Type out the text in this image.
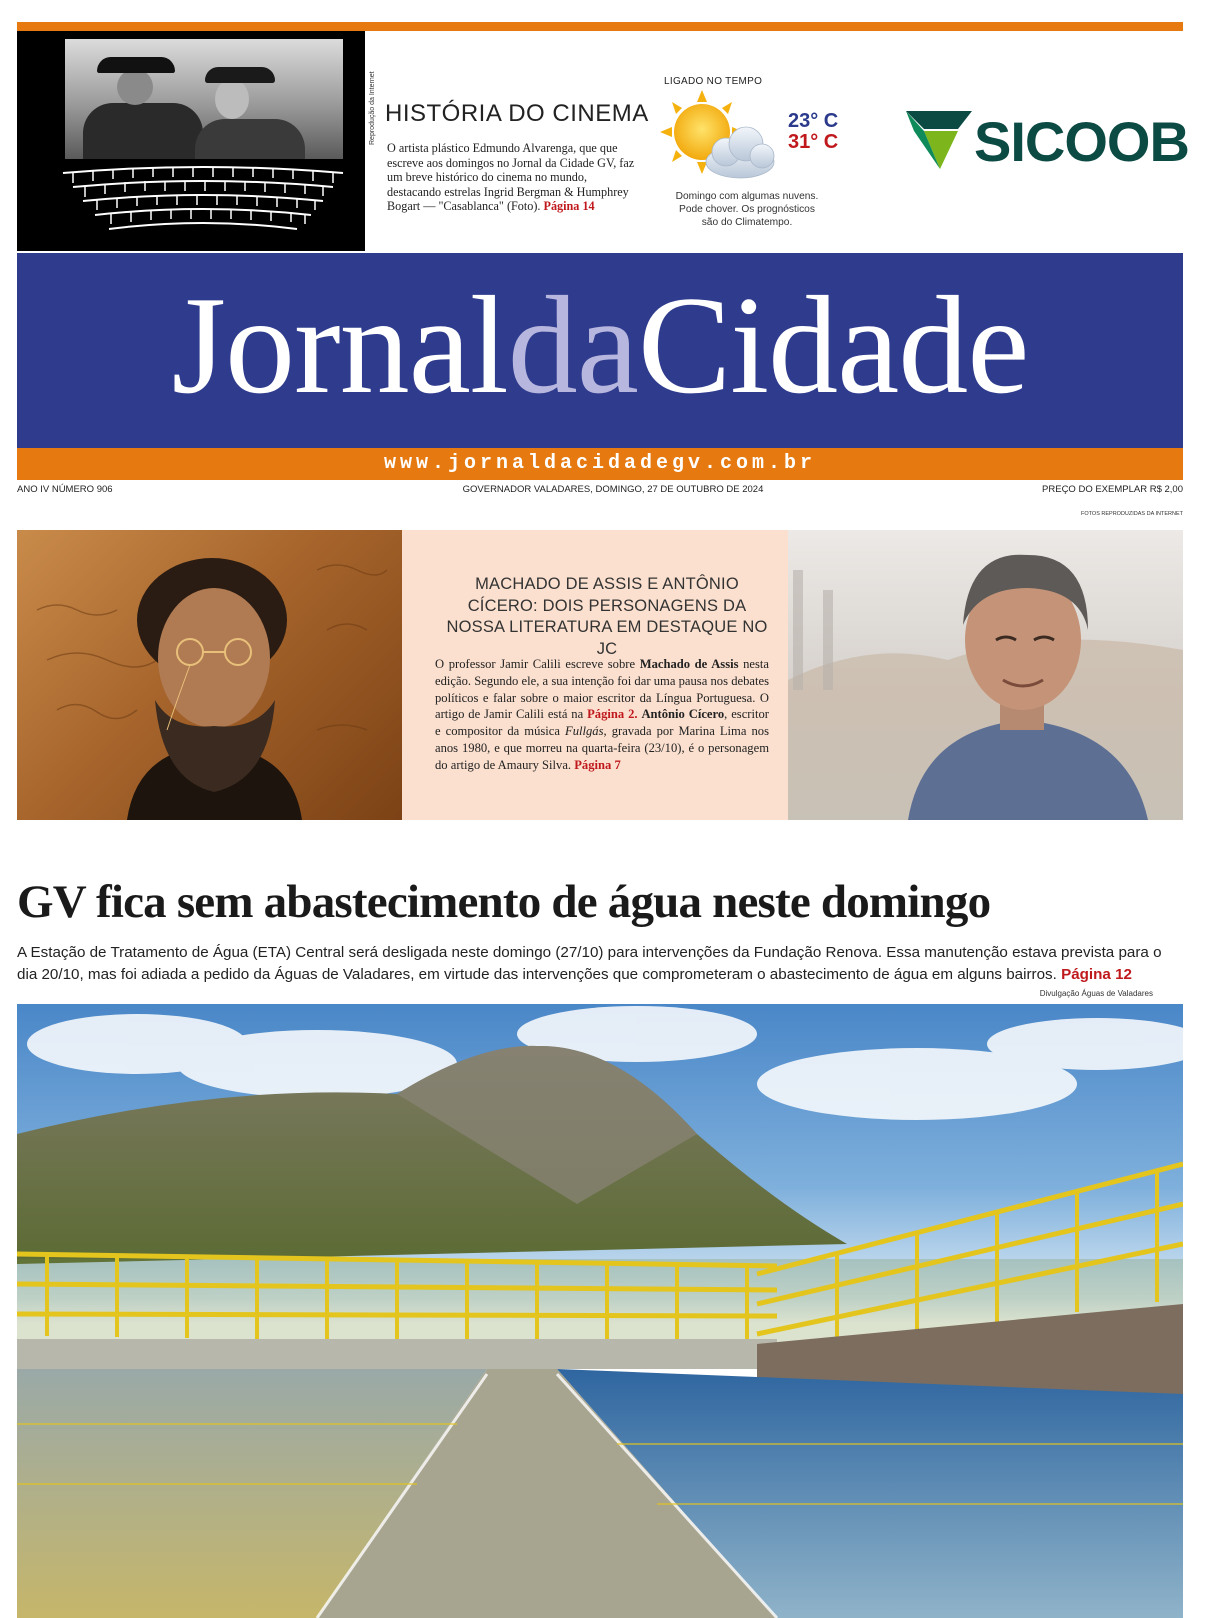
Reprodução da Internet HISTÓRIA DO CINEMA
O artista plástico Edmundo Alvarenga, que que escreve aos domingos no Jornal da Cidade GV, faz um breve histórico do cinema no mundo, destacando estrelas Ingrid Bergman & Humphrey Bogart — "Casablanca" (Foto). Página 14
LIGADO NO TEMPO
23° C
31° C
Domingo com algumas nuvens. Pode chover. Os prognósticos são do Climatempo.
SICOOB
JornaldaCidade
www.jornaldacidadegv.com.br
ANO IV NÚMERO 906	GOVERNADOR VALADARES, DOMINGO, 27 DE OUTUBRO DE 2024	PREÇO DO EXEMPLAR R$ 2,00
FOTOS REPRODUZIDAS DA INTERNET
MACHADO DE ASSIS E ANTÔNIO CÍCERO: DOIS PERSONAGENS DA NOSSA LITERATURA EM DESTAQUE NO JC
O professor Jamir Calili escreve sobre Machado de Assis nesta edição. Segundo ele, a sua intenção foi dar uma pausa nos debates políticos e falar sobre o maior escritor da Língua Portuguesa. O artigo de Jamir Calili está na Página 2. Antônio Cícero, escritor e compositor da música Fullgás, gravada por Marina Lima nos anos 1980, e que morreu na quarta-feira (23/10), é o personagem do artigo de Amaury Silva. Página 7
GV fica sem abastecimento de água neste domingo
A Estação de Tratamento de Água (ETA) Central será desligada neste domingo (27/10) para intervenções da Fundação Renova. Essa manutenção estava prevista para o dia 20/10, mas foi adiada a pedido da Águas de Valadares, em virtude das intervenções que comprometeram o abastecimento de água em alguns bairros. Página 12
Divulgação Águas de Valadares
